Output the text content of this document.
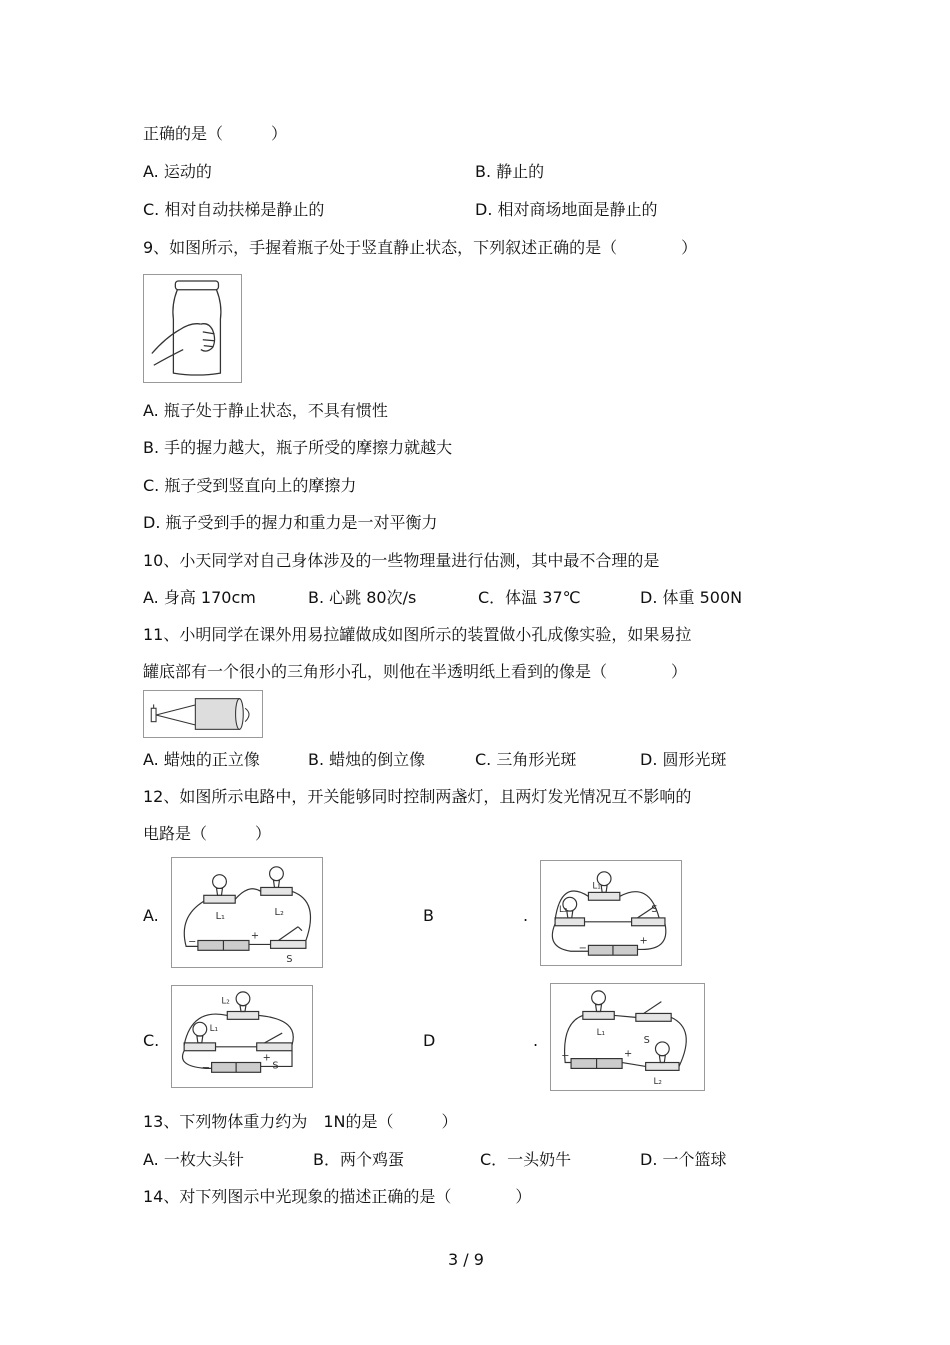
正确的是（　　　）
A. 运动的	B. 静止的
C. 相对自动扶梯是静止的	D. 相对商场地面是静止的
9、如图所示，手握着瓶子处于竖直静止状态，下列叙述正确的是（　　　　）
A. 瓶子处于静止状态，不具有惯性
B. 手的握力越大，瓶子所受的摩擦力就越大
C. 瓶子受到竖直向上的摩擦力
D. 瓶子受到手的握力和重力是一对平衡力
10、小天同学对自己身体涉及的一些物理量进行估测，其中最不合理的是
A. 身高 170cm	B. 心跳 80次/s	C．体温 37℃	D. 体重 500N
11、小明同学在课外用易拉罐做成如图所示的装置做小孔成像实验，如果易拉
罐底部有一个很小的三角形小孔，则他在半透明纸上看到的像是（　　　　）
A. 蜡烛的正立像	B. 蜡烛的倒立像	C. 三角形光斑	D. 圆形光斑
12、如图所示电路中，开关能够同时控制两盏灯，且两灯发光情况互不影响的
电路是（　　　）
A.	L₁	L₂
S
−
+
B	.
L₁
L₂	S
−
+
C.
L₂
L₁
S
−
+
D	.	L₁
S
L₂
−	+
13、下列物体重力约为　1N的是（　　　）
A. 一枚大头针	B．两个鸡蛋	C．一头奶牛	D. 一个篮球
14、对下列图示中光现象的描述正确的是（　　　　）
3 / 9
